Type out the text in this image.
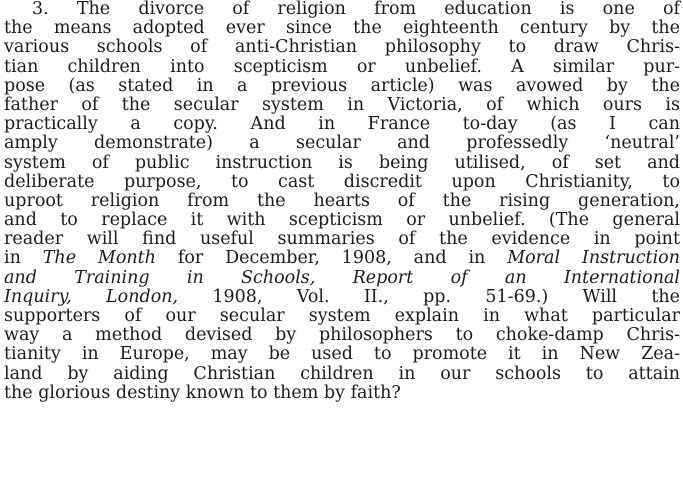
3. The divorce of religion from education is one of
the means adopted ever since the eighteenth century by the
various schools of anti-Christian philosophy to draw Chris-
tian children into scepticism or unbelief. A similar pur-
pose (as stated in a previous article) was avowed by the
father of the secular system in Victoria, of which ours is
practically a copy. And in France to-day (as I can
amply demonstrate) a secular and professedly ‘neutral’
system of public instruction is being utilised, of set and
deliberate purpose, to cast discredit upon Christianity, to
uproot religion from the hearts of the rising generation,
and to replace it with scepticism or unbelief. (The general
reader will find useful summaries of the evidence in point
in The Month for December, 1908, and in Moral Instruction
and Training in Schools, Report of an International
Inquiry, London, 1908, Vol. II., pp. 51-69.) Will the
supporters of our secular system explain in what particular
way a method devised by philosophers to choke-damp Chris-
tianity in Europe, may be used to promote it in New Zea-
land by aiding Christian children in our schools to attain
the glorious destiny known to them by faith?
